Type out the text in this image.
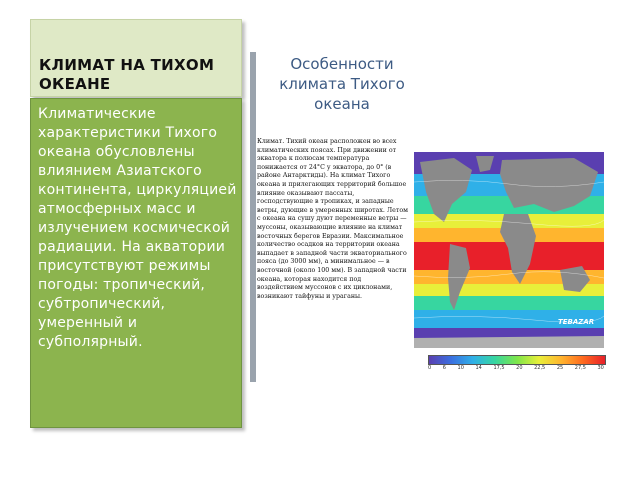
КЛИМАТ НА ТИХОМ ОКЕАНЕ
Климатические характеристики Тихого океана обусловлены влиянием Азиатского континента, циркуляцией атмосферных масс и излучением космической радиации. На акватории присутствуют режимы погоды: тропический, субтропический, умеренный и субполярный.
Особенности
климата Тихого
океана
Климат. Тихий океан расположен во всех климатических поясах. При движении от экватора к полюсам температура понижается от 24°С у экватора, до 0° (в районе Антарктиды). На климат Тихого океана и прилегающих территорий большое влияние оказывают пассаты, господствующие в тропиках, и западные ветры, дующие в умеренных широтах. Летом с океана на сушу дуют переменные ветры — муссоны, оказывающие влияние на климат восточных берегов Евразии. Максимальное количество осадков на территории океана выпадает в западной части экваториального пояса (до 3000 мм), а минимальное — в восточной (около 100 мм). В западной части океана, которая находится под воздействием муссонов с их циклонами, возникают тайфуны и ураганы.
TEBAZAR
0 6 10 14 17,5 20 22,5 25 27,5 30
